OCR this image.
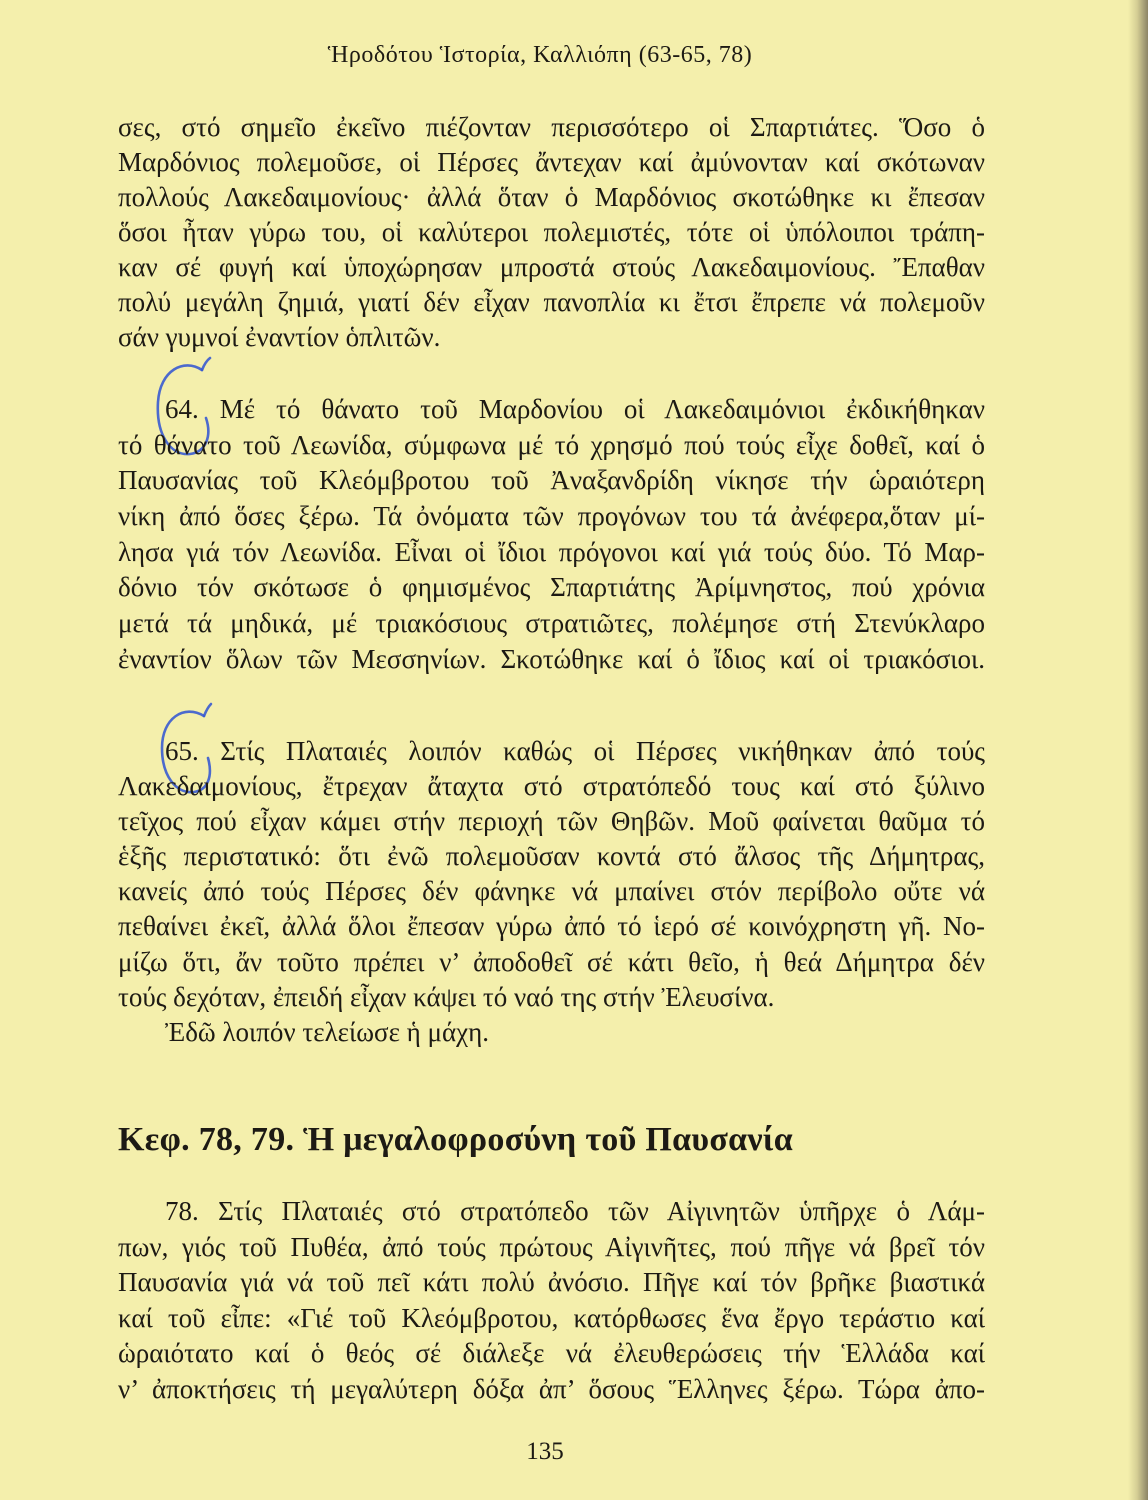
Ἡροδότου Ἱστορία, Καλλιόπη (63-65, 78)
σες, στό σημεῖο ἐκεῖνο πιέζονταν περισσότερο οἱ Σπαρτιάτες. Ὅσο ὁ
Μαρδόνιος πολεμοῦσε, οἱ Πέρσες ἄντεχαν καί ἀμύνονταν καί σκότωναν
πολλούς Λακεδαιμονίους· ἀλλά ὅταν ὁ Μαρδόνιος σκοτώθηκε κι ἔπεσαν
ὅσοι ἦταν γύρω του, οἱ καλύτεροι πολεμιστές, τότε οἱ ὑπόλοιποι τράπη-
καν σέ φυγή καί ὑποχώρησαν μπροστά στούς Λακεδαιμονίους. Ἔπαθαν
πολύ μεγάλη ζημιά, γιατί δέν εἶχαν πανοπλία κι ἔτσι ἔπρεπε νά πολεμοῦν
σάν γυμνοί ἐναντίον ὁπλιτῶν.
64. Μέ τό θάνατο τοῦ Μαρδονίου οἱ Λακεδαιμόνιοι ἐκδικήθηκαν
τό θάνατο τοῦ Λεωνίδα, σύμφωνα μέ τό χρησμό πού τούς εἶχε δοθεῖ, καί ὁ
Παυσανίας τοῦ Κλεόμβροτου τοῦ Ἀναξανδρίδη νίκησε τήν ὡραιότερη
νίκη ἀπό ὅσες ξέρω. Τά ὀνόματα τῶν προγόνων του τά ἀνέφερα,ὅταν μί-
λησα γιά τόν Λεωνίδα. Εἶναι οἱ ἴδιοι πρόγονοι καί γιά τούς δύο. Τό Μαρ-
δόνιο τόν σκότωσε ὁ φημισμένος Σπαρτιάτης Ἀρίμνηστος, πού χρόνια
μετά τά μηδικά, μέ τριακόσιους στρατιῶτες, πολέμησε στή Στενύκλαρο
ἐναντίον ὅλων τῶν Μεσσηνίων. Σκοτώθηκε καί ὁ ἴδιος καί οἱ τριακόσιοι.
65. Στίς Πλαταιές λοιπόν καθώς οἱ Πέρσες νικήθηκαν ἀπό τούς
Λακεδαιμονίους, ἔτρεχαν ἄταχτα στό στρατόπεδό τους καί στό ξύλινο
τεῖχος πού εἶχαν κάμει στήν περιοχή τῶν Θηβῶν. Μοῦ φαίνεται θαῦμα τό
ἑξῆς περιστατικό: ὅτι ἐνῶ πολεμοῦσαν κοντά στό ἄλσος τῆς Δήμητρας,
κανείς ἀπό τούς Πέρσες δέν φάνηκε νά μπαίνει στόν περίβολο οὔτε νά
πεθαίνει ἐκεῖ, ἀλλά ὅλοι ἔπεσαν γύρω ἀπό τό ἱερό σέ κοινόχρηστη γῆ. Νο-
μίζω ὅτι, ἄν τοῦτο πρέπει ν’ ἀποδοθεῖ σέ κάτι θεῖο, ἡ θεά Δήμητρα δέν
τούς δεχόταν, ἐπειδή εἶχαν κάψει τό ναό της στήν Ἐλευσίνα.
Ἐδῶ λοιπόν τελείωσε ἡ μάχη.
Κεφ. 78, 79. Ἡ μεγαλοφροσύνη τοῦ Παυσανία
78. Στίς Πλαταιές στό στρατόπεδο τῶν Αἰγινητῶν ὑπῆρχε ὁ Λάμ-
πων, γιός τοῦ Πυθέα, ἀπό τούς πρώτους Αἰγινῆτες, πού πῆγε νά βρεῖ τόν
Παυσανία γιά νά τοῦ πεῖ κάτι πολύ ἀνόσιο. Πῆγε καί τόν βρῆκε βιαστικά
καί τοῦ εἶπε: «Γιέ τοῦ Κλεόμβροτου, κατόρθωσες ἕνα ἔργο τεράστιο καί
ὡραιότατο καί ὁ θεός σέ διάλεξε νά ἐλευθερώσεις τήν Ἑλλάδα καί
ν’ ἀποκτήσεις τή μεγαλύτερη δόξα ἀπ’ ὅσους Ἕλληνες ξέρω. Τώρα ἀπο-
135
